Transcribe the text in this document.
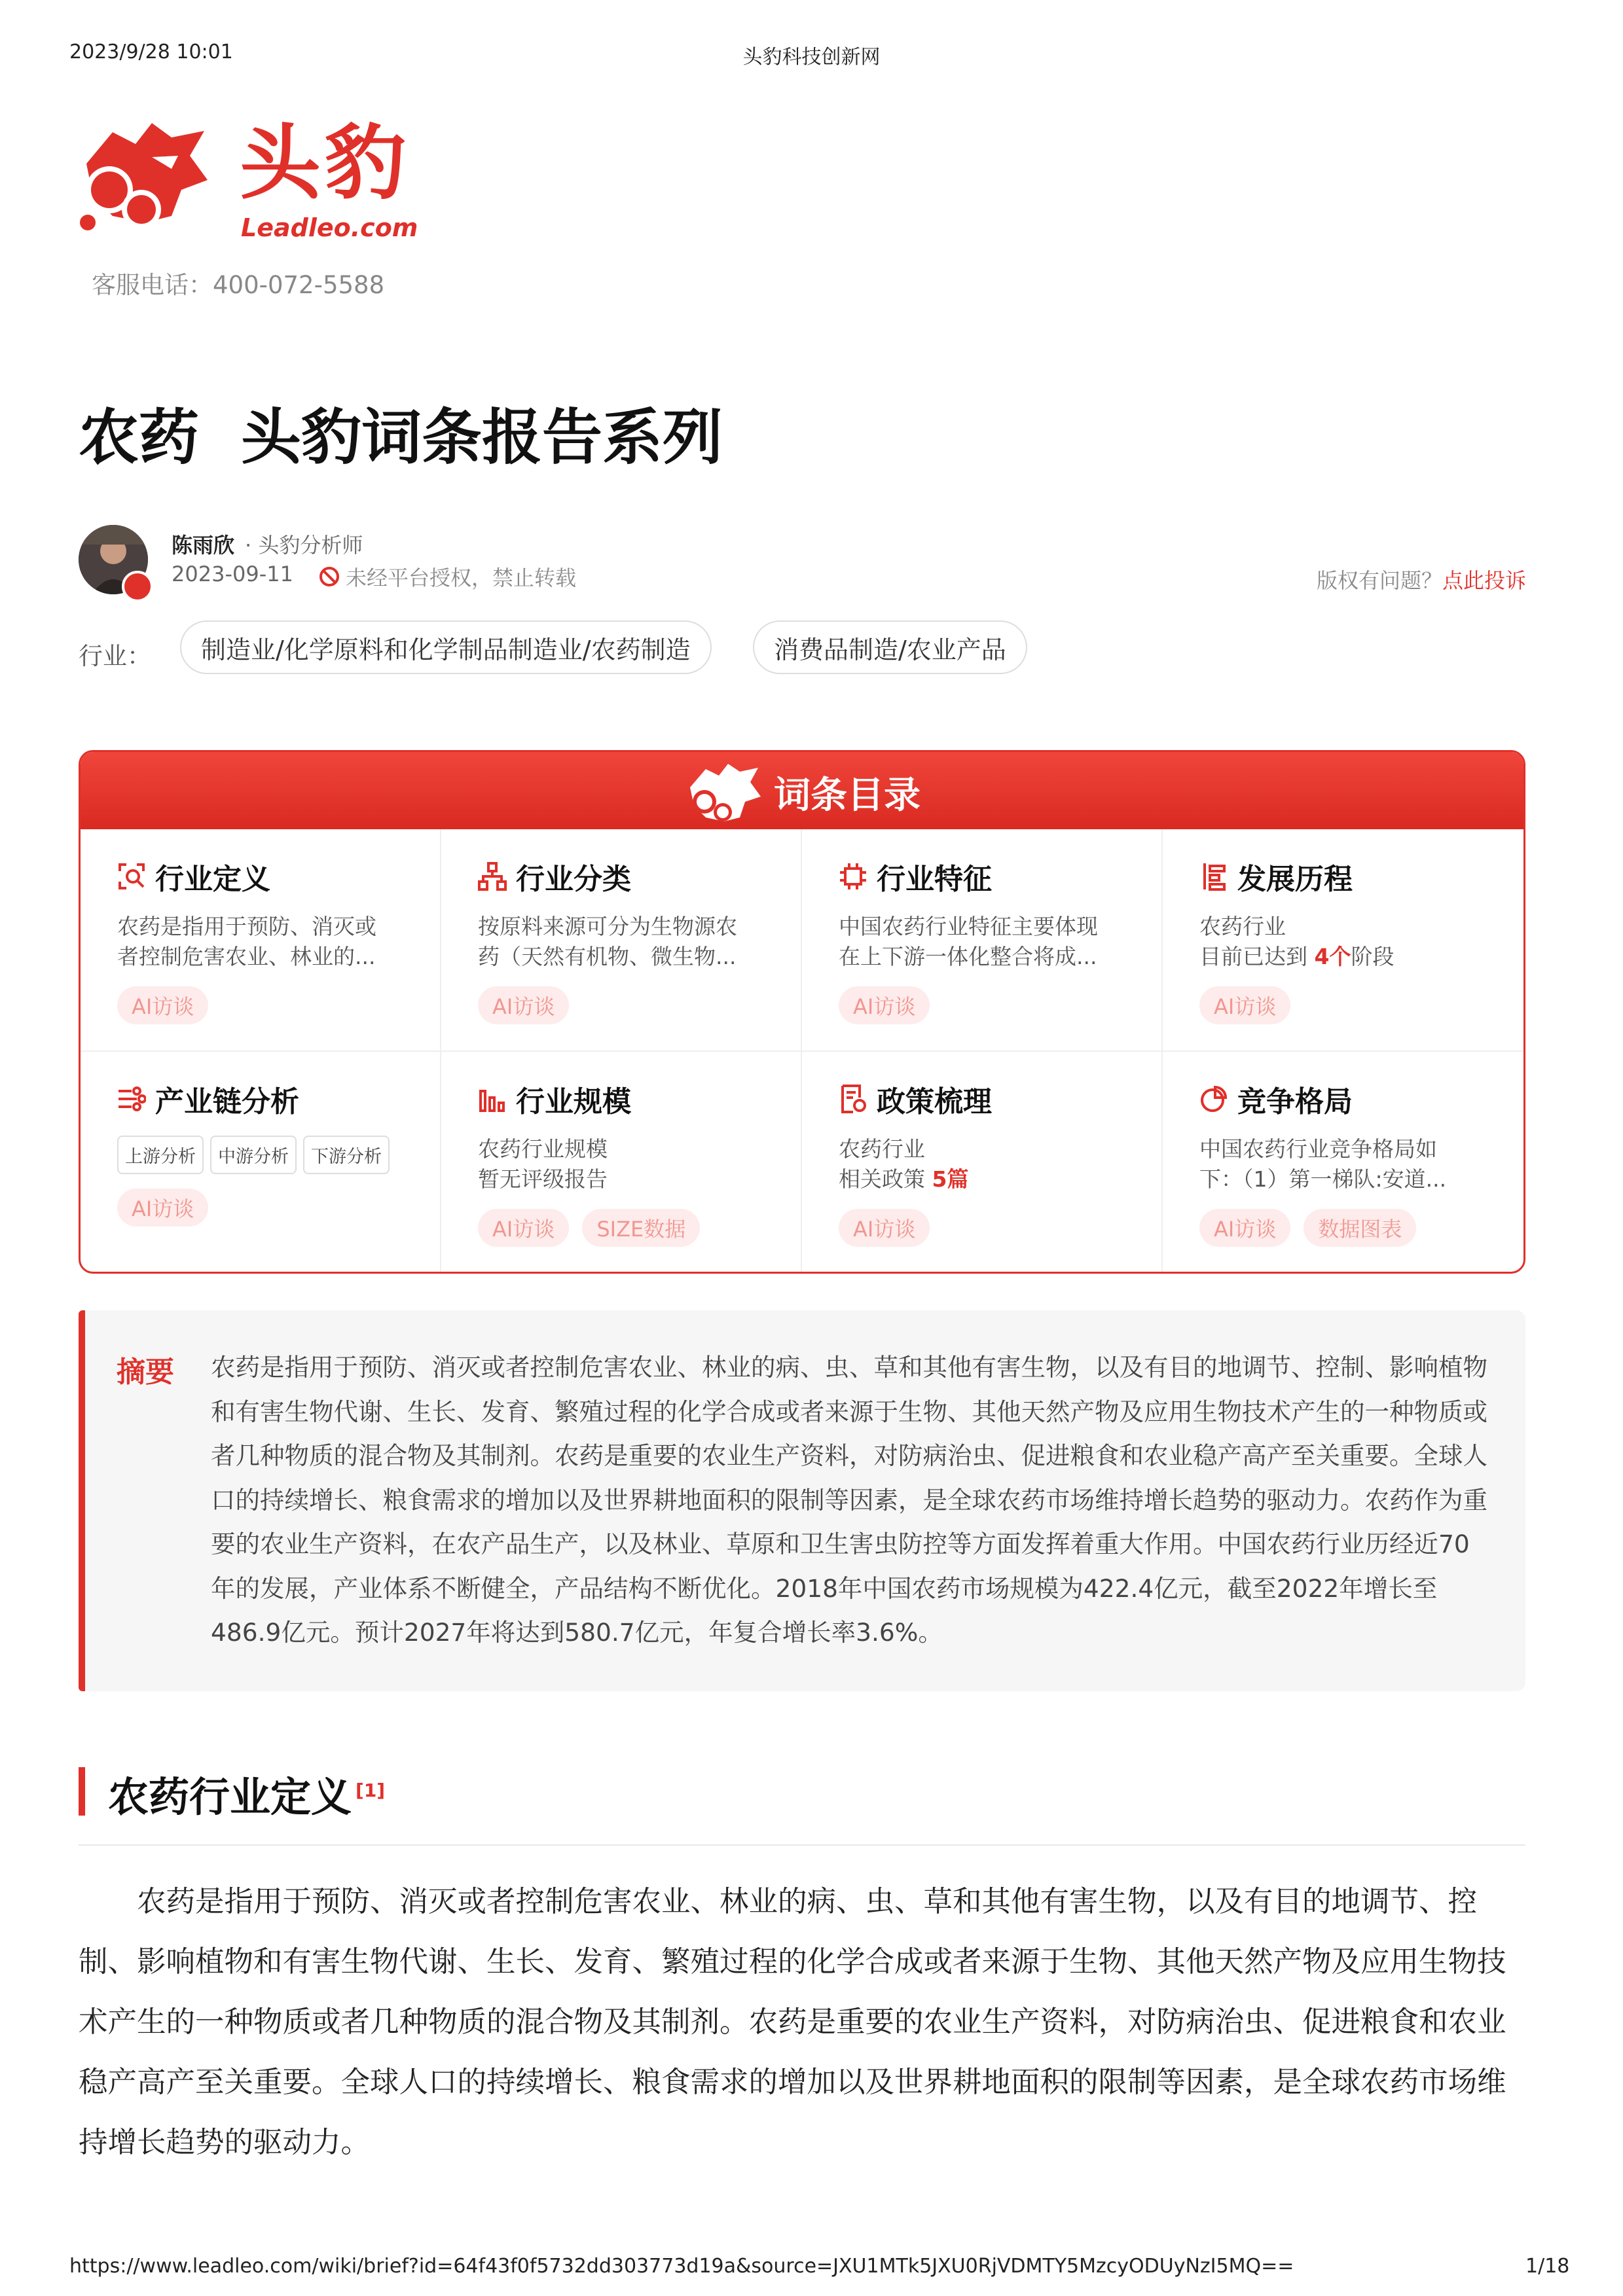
2023/9/28 10:01	头豹科技创新网
头豹
Leadleo.com
客服电话：400-072-5588
农药  头豹词条报告系列
陈雨欣 · 头豹分析师
2023-09-11	未经平台授权，禁止转载	版权有问题？点此投诉
行业：	制造业/化学原料和化学制品制造业/农药制造	消费品制造/农业产品
词条目录
行业定义
农药是指用于预防、消灭或
者控制危害农业、林业的...
AI访谈
行业分类
按原料来源可分为生物源农
药（天然有机物、微生物...
AI访谈
行业特征
中国农药行业特征主要体现
在上下游一体化整合将成...
AI访谈
发展历程
农药行业
目前已达到 4个阶段
AI访谈
产业链分析
上游分析	中游分析	下游分析
AI访谈
行业规模
农药行业规模
暂无评级报告
AI访谈	SIZE数据
政策梳理
农药行业
相关政策 5篇
AI访谈
竞争格局
中国农药行业竞争格局如
下：（1）第一梯队:安道...
AI访谈	数据图表
摘要 农药是指用于预防、消灭或者控制危害农业、林业的病、虫、草和其他有害生物，以及有目的地调节、控制、影响植物和有害生物代谢、生长、发育、繁殖过程的化学合成或者来源于生物、其他天然产物及应用生物技术产生的一种物质或者几种物质的混合物及其制剂。农药是重要的农业生产资料，对防病治虫、促进粮食和农业稳产高产至关重要。全球人口的持续增长、粮食需求的增加以及世界耕地面积的限制等因素，是全球农药市场维持增长趋势的驱动力。农药作为重要的农业生产资料，在农产品生产，以及林业、草原和卫生害虫防控等方面发挥着重大作用。中国农药行业历经近70年的发展，产业体系不断健全，产品结构不断优化。2018年中国农药市场规模为422.4亿元，截至2022年增长至486.9亿元。预计2027年将达到580.7亿元，年复合增长率3.6%。
农药行业定义 [1]
农药是指用于预防、消灭或者控制危害农业、林业的病、虫、草和其他有害生物，以及有目的地调节、控制、影响植物和有害生物代谢、生长、发育、繁殖过程的化学合成或者来源于生物、其他天然产物及应用生物技术产生的一种物质或者几种物质的混合物及其制剂。农药是重要的农业生产资料，对防病治虫、促进粮食和农业稳产高产至关重要。全球人口的持续增长、粮食需求的增加以及世界耕地面积的限制等因素，是全球农药市场维持增长趋势的驱动力。
https://www.leadleo.com/wiki/brief?id=64f43f0f5732dd303773d19a&source=JXU1MTk5JXU0RjVDMTY5MzcyODUyNzI5MQ==	1/18
